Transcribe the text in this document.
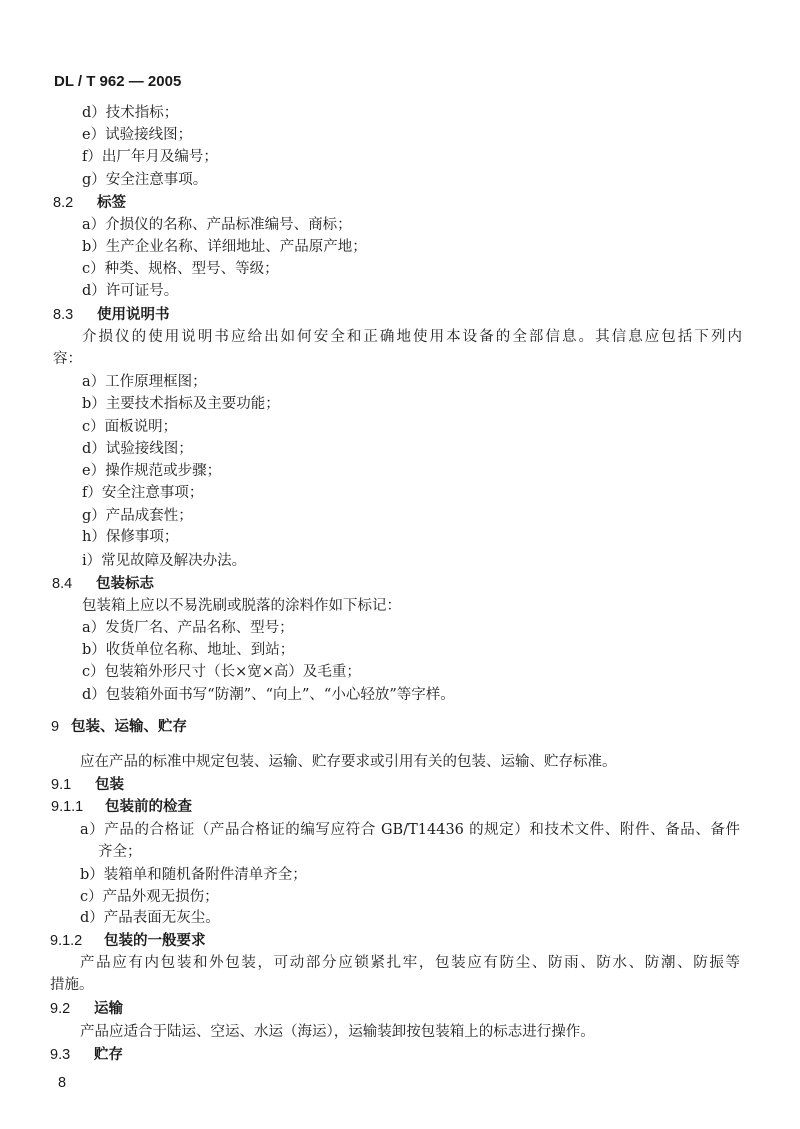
DL / T 962 — 2005
d）技术指标；
e）试验接线图；
f）出厂年月及编号；
g）安全注意事项。
8.2 标签
a）介损仪的名称、产品标准编号、商标；
b）生产企业名称、详细地址、产品原产地；
c）种类、规格、型号、等级；
d）许可证号。
8.3 使用说明书
介损仪的使用说明书应给出如何安全和正确地使用本设备的全部信息。其信息应包括下列内
容：
a）工作原理框图；
b）主要技术指标及主要功能；
c）面板说明；
d）试验接线图；
e）操作规范或步骤；
f）安全注意事项；
g）产品成套性；
h）保修事项；
i）常见故障及解决办法。
8.4 包装标志
包装箱上应以不易洗刷或脱落的涂料作如下标记：
a）发货厂名、产品名称、型号；
b）收货单位名称、地址、到站；
c）包装箱外形尺寸（长×宽×高）及毛重；
d）包装箱外面书写“防潮”、“向上”、“小心轻放”等字样。
9 包装、运输、贮存
应在产品的标准中规定包装、运输、贮存要求或引用有关的包装、运输、贮存标准。
9.1 包装
9.1.1 包装前的检查
a）产品的合格证（产品合格证的编写应符合 GB/T14436 的规定）和技术文件、附件、备品、备件
齐全；
b）装箱单和随机备附件清单齐全；
c）产品外观无损伤；
d）产品表面无灰尘。
9.1.2 包装的一般要求
产品应有内包装和外包装，可动部分应锁紧扎牢，包装应有防尘、防雨、防水、防潮、防振等
措施。
9.2 运输
产品应适合于陆运、空运、水运（海运），运输装卸按包装箱上的标志进行操作。
9.3 贮存
8
